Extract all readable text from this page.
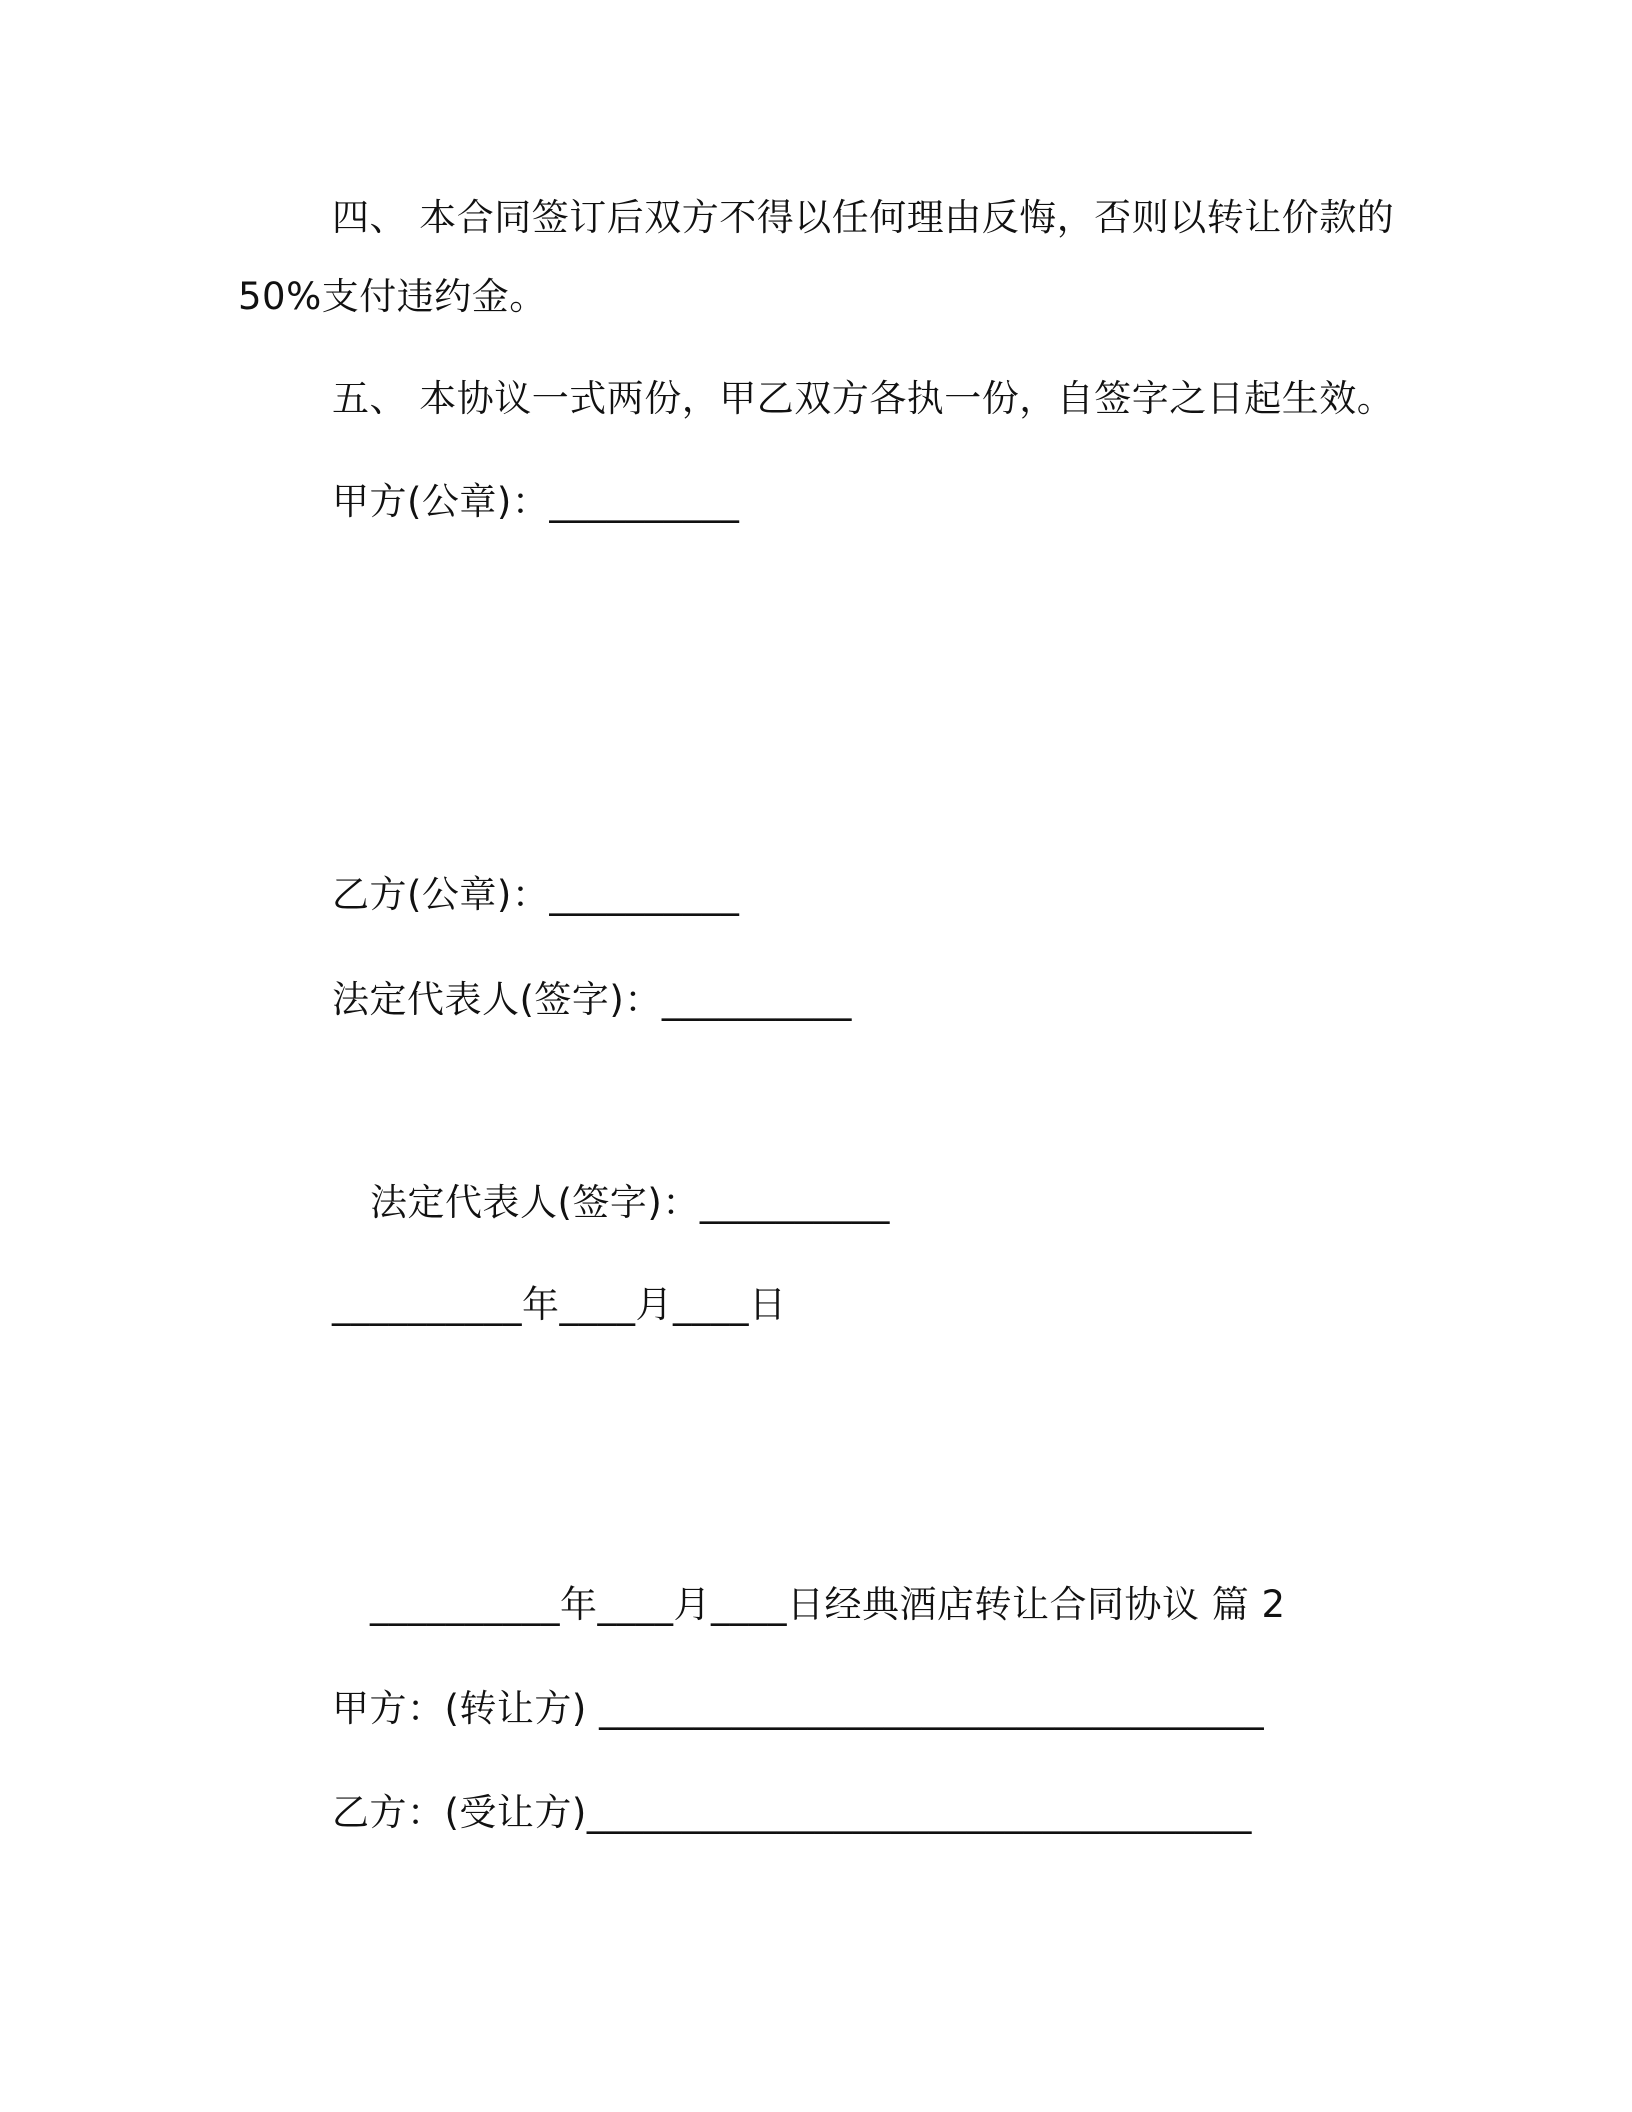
四、 本合同签订后双方不得以任何理由反悔，否则以转让价款的
50%支付违约金。
五、 本协议一式两份，甲乙双方各执一份，自签字之日起生效。
甲方(公章)：__________
乙方(公章)：__________
法定代表人(签字)：__________
法定代表人(签字)：__________
__________年____月____日
__________年____月____日经典酒店转让合同协议 篇 2
甲方：(转让方) ___________________________________
乙方：(受让方)___________________________________
